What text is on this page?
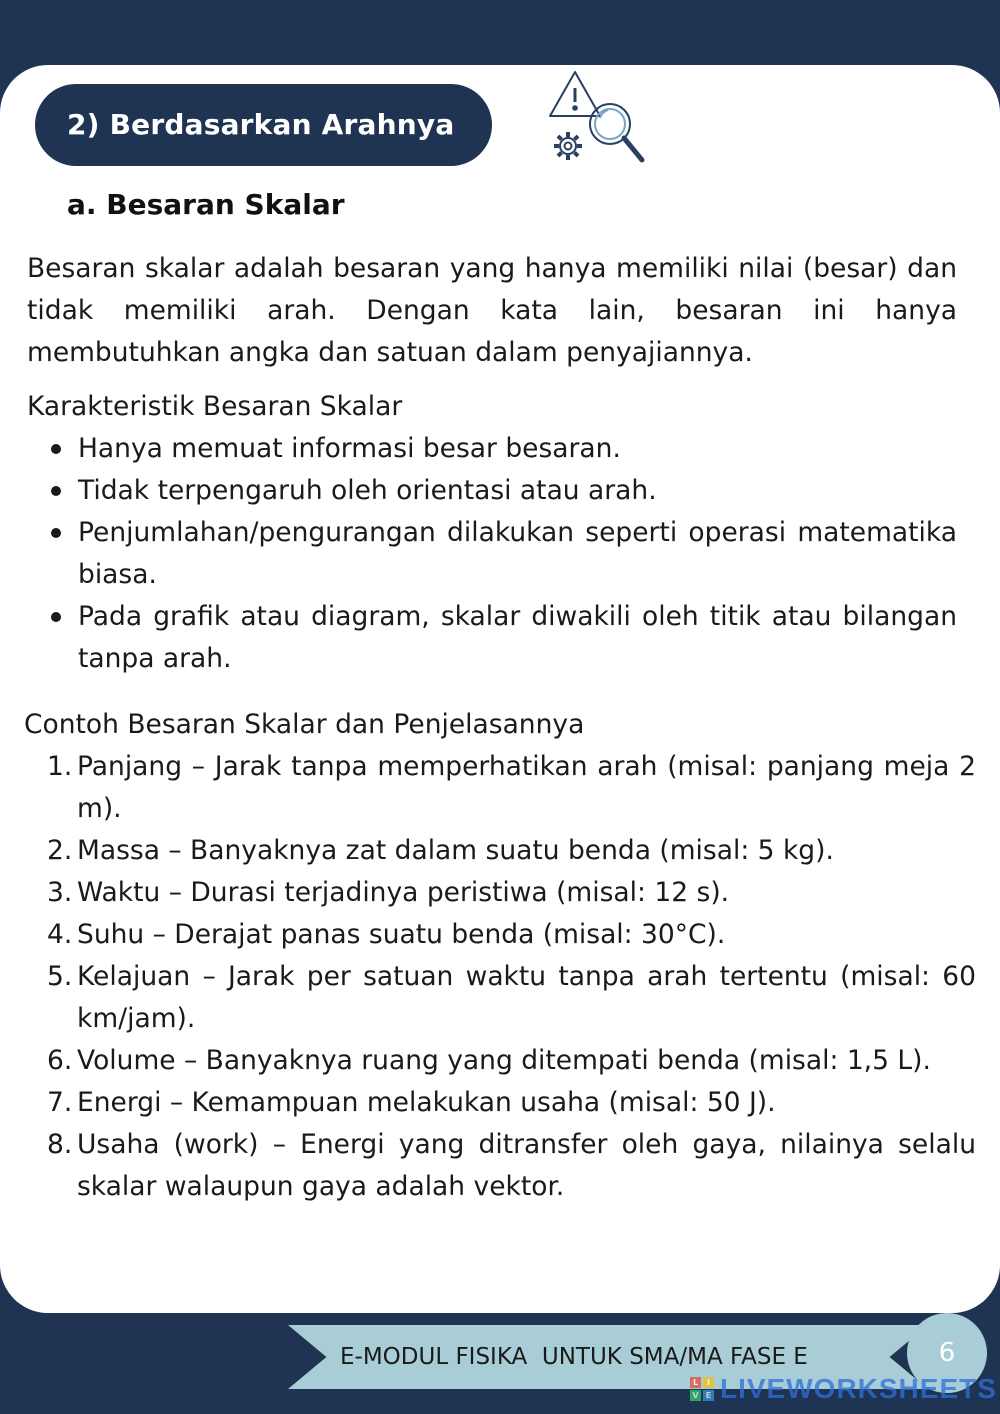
2) Berdasarkan Arahnya
a. Besaran Skalar

Besaran skalar adalah besaran yang hanya memiliki nilai (besar) dan tidak memiliki arah. Dengan kata lain, besaran ini hanya membutuhkan angka dan satuan dalam penyajiannya.

Karakteristik Besaran Skalar
Hanya memuat informasi besar besaran.
Tidak terpengaruh oleh orientasi atau arah.
Penjumlahan/pengurangan dilakukan seperti operasi matematika biasa.
Pada grafik atau diagram, skalar diwakili oleh titik atau bilangan tanpa arah.
Contoh Besaran Skalar dan Penjelasannya
1. Panjang – Jarak tanpa memperhatikan arah (misal: panjang meja 2 m).
2. Massa – Banyaknya zat dalam suatu benda (misal: 5 kg).
3. Waktu – Durasi terjadinya peristiwa (misal: 12 s).
4. Suhu – Derajat panas suatu benda (misal: 30°C).
5. Kelajuan – Jarak per satuan waktu tanpa arah tertentu (misal: 60 km/jam).
6. Volume – Banyaknya ruang yang ditempati benda (misal: 1,5 L).
7. Energi – Kemampuan melakukan usaha (misal: 50 J).
8. Usaha (work) – Energi yang ditransfer oleh gaya, nilainya selalu skalar walaupun gaya adalah vektor.
E-MODUL FISIKA  UNTUK SMA/MA FASE E	6
L	I
V E LIVEWORKSHEETS
